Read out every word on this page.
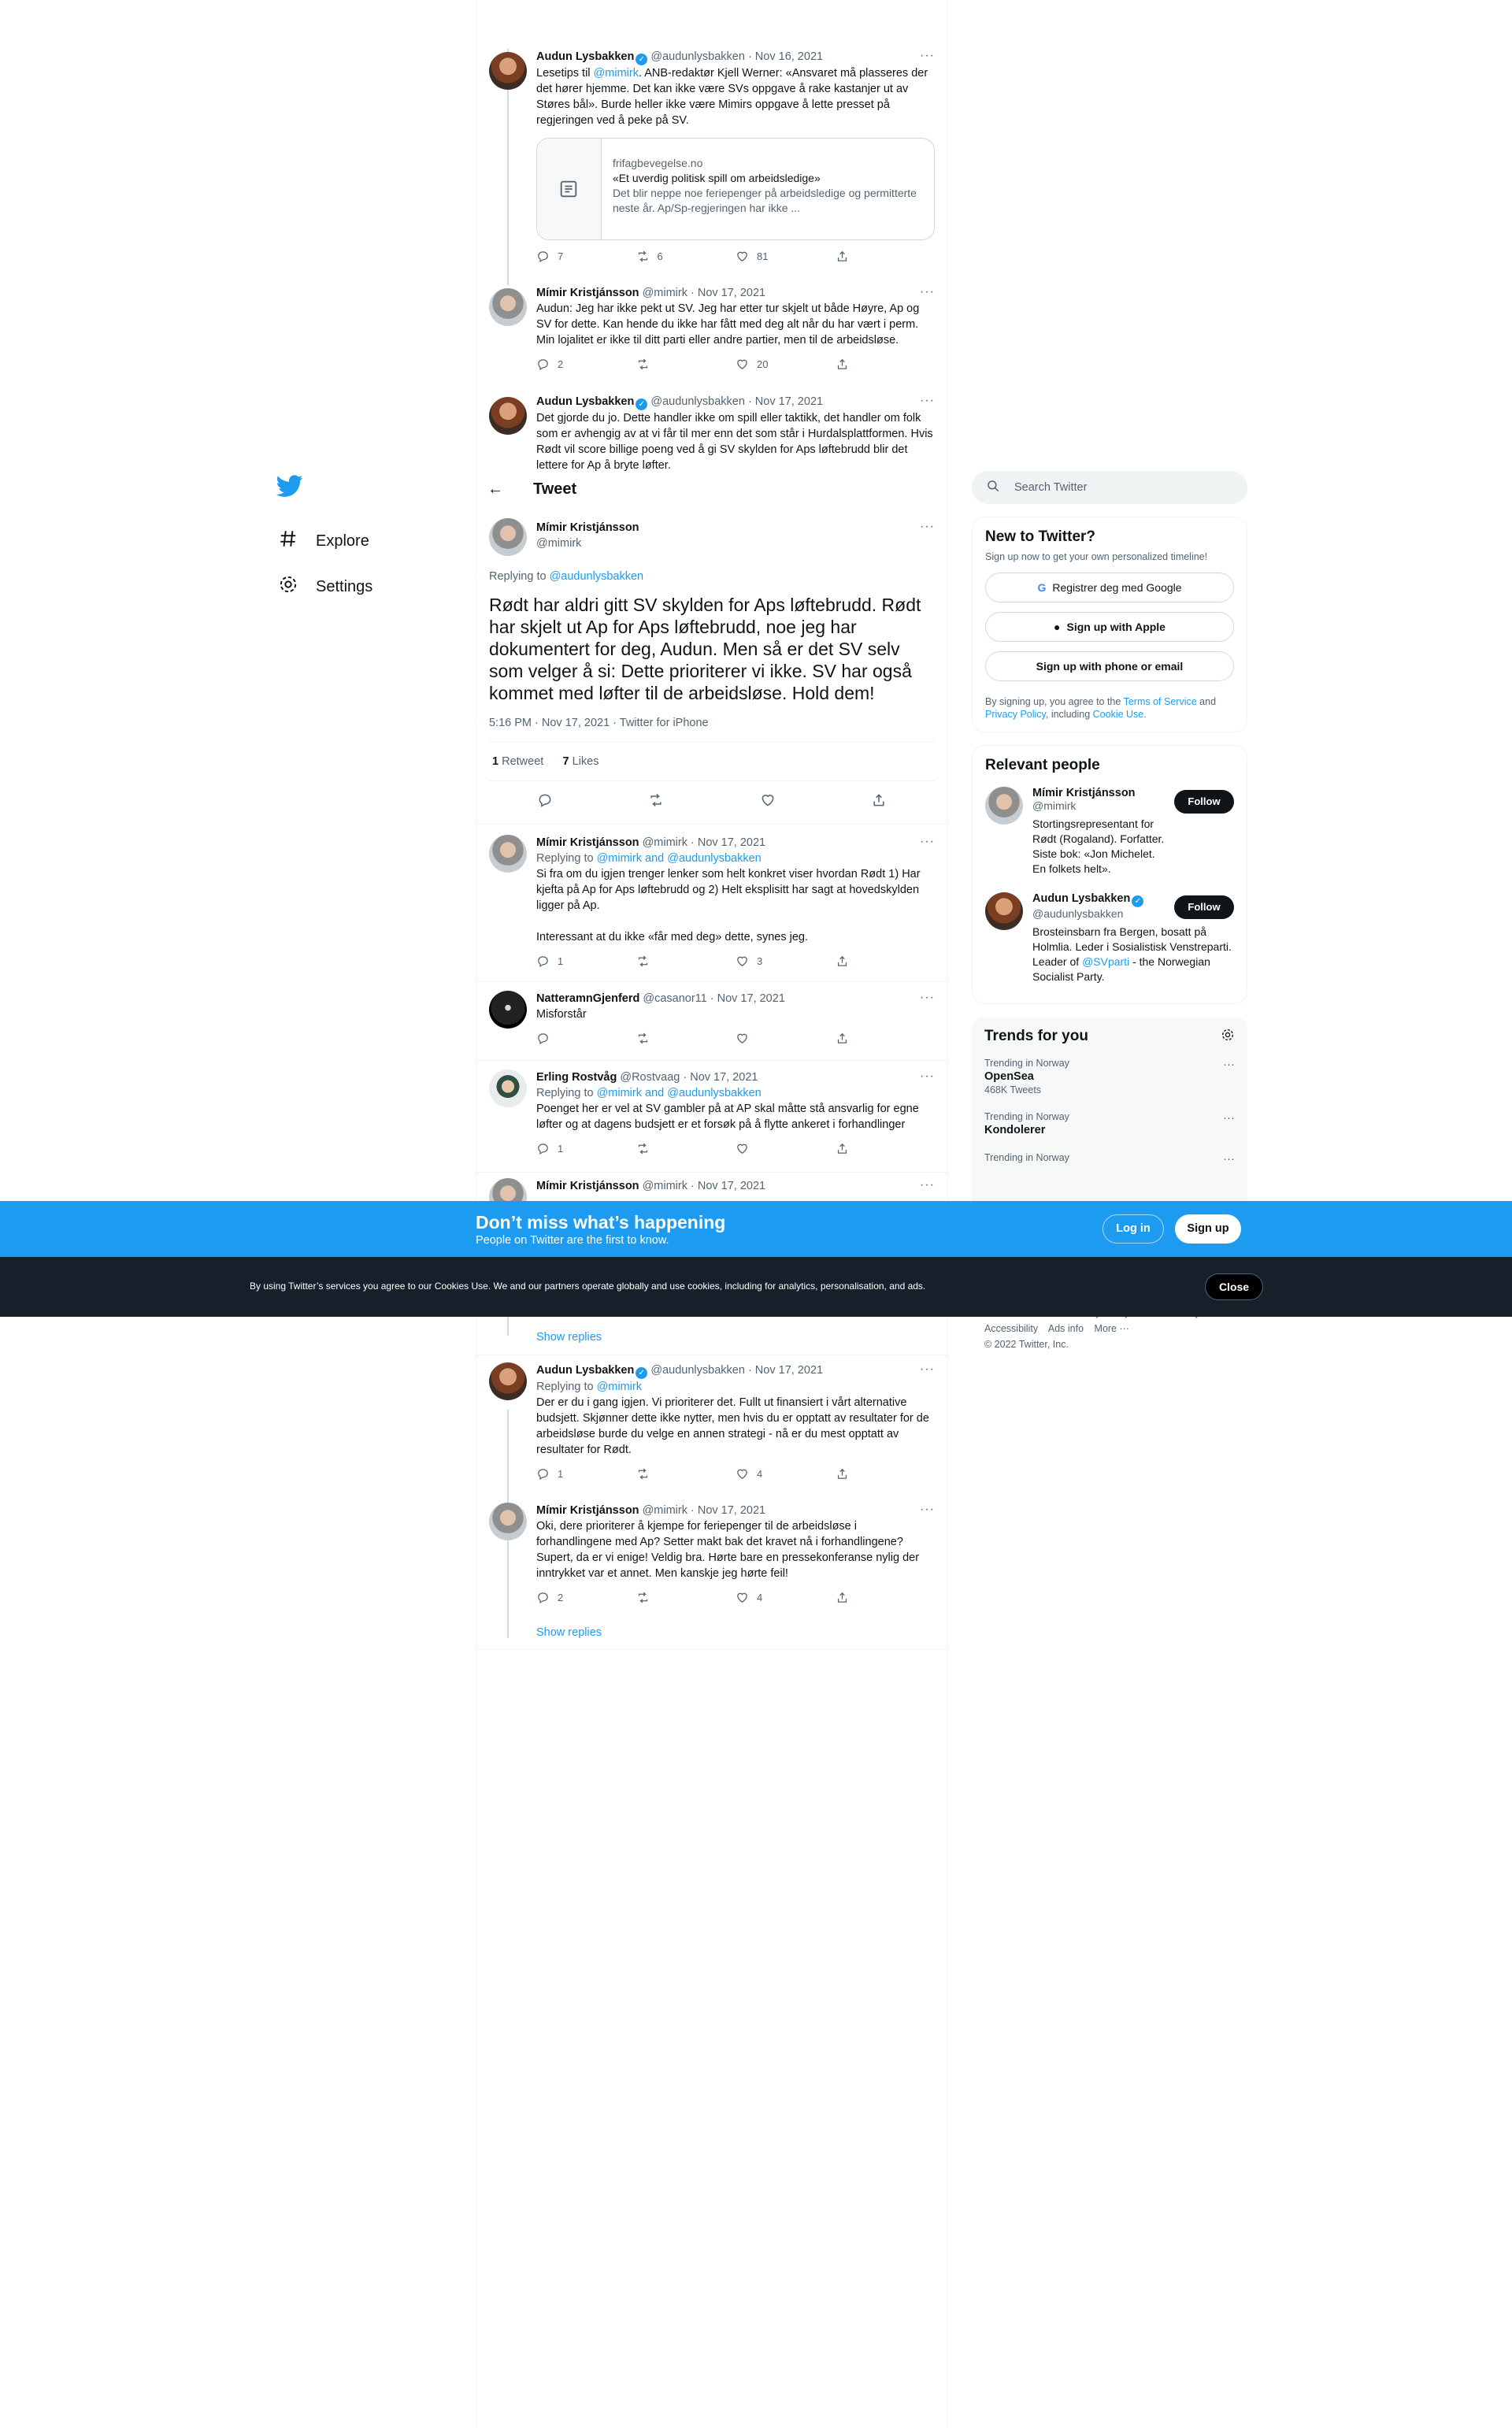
Explore
Settings
Audun Lysbakken ✓ @audunlysbakken · Nov 16, 2021	···
Lesetips til @mimirk. ANB-redaktør Kjell Werner: «Ansvaret må plasseres der det hører hjemme. Det kan ikke være SVs oppgave å rake kastanjer ut av Støres bål». Burde heller ikke være Mimirs oppgave å lette presset på regjeringen ved å peke på SV.
frifagbevegelse.no
«Et uverdig politisk spill om arbeidsledige»
Det blir neppe noe feriepenger på arbeidsledige og permitterte neste år. Ap/Sp-regjeringen har ikke ...
7	6	81
Mímir Kristjánsson @mimirk · Nov 17, 2021	···
Audun: Jeg har ikke pekt ut SV. Jeg har etter tur skjelt ut både Høyre, Ap og SV for dette. Kan hende du ikke har fått med deg alt når du har vært i perm. Min lojalitet er ikke til ditt parti eller andre partier, men til de arbeidsløse.
2	20
Audun Lysbakken ✓ @audunlysbakken · Nov 17, 2021	···
Det gjorde du jo. Dette handler ikke om spill eller taktikk, det handler om folk som er avhengig av at vi får til mer enn det som står i Hurdalsplattformen. Hvis Rødt vil score billige poeng ved å gi SV skylden for Aps løftebrudd blir det lettere for Ap å bryte løfter.
←	Tweet
Mímir Kristjánsson
@mimirk
···
Replying to @audunlysbakken
Rødt har aldri gitt SV skylden for Aps løftebrudd. Rødt har skjelt ut Ap for Aps løftebrudd, noe jeg har dokumentert for deg, Audun. Men så er det SV selv som velger å si: Dette prioriterer vi ikke. SV har også kommet med løfter til de arbeidsløse. Hold dem!
5:16 PM · Nov 17, 2021 · Twitter for iPhone
1 Retweet 7 Likes
Mímir Kristjánsson @mimirk · Nov 17, 2021	···
Replying to @mimirk and @audunlysbakken
Si fra om du igjen trenger lenker som helt konkret viser hvordan Rødt 1) Har kjefta på Ap for Aps løftebrudd og 2) Helt eksplisitt har sagt at hovedskylden ligger på Ap.

Interessant at du ikke «får med deg» dette, synes jeg.
1	3
NatteramnGjenferd @casanor11 · Nov 17, 2021	···
Misforstår
Erling Rostvåg @Rostvaag · Nov 17, 2021	···
Replying to @mimirk and @audunlysbakken
Poenget her er vel at SV gambler på at AP skal måtte stå ansvarlig for egne løfter og at dagens budsjett er et forsøk på å flytte ankeret i forhandlinger
1
Mímir Kristjánsson @mimirk · Nov 17, 2021	···
Show replies
Audun Lysbakken ✓ @audunlysbakken · Nov 17, 2021	···
Replying to @mimirk
Der er du i gang igjen. Vi prioriterer det. Fullt ut finansiert i vårt alternative budsjett. Skjønner dette ikke nytter, men hvis du er opptatt av resultater for de arbeidsløse burde du velge en annen strategi - nå er du mest opptatt av resultater for Rødt.
1	4
Mímir Kristjánsson @mimirk · Nov 17, 2021	···
Oki, dere prioriterer å kjempe for feriepenger til de arbeidsløse i forhandlingene med Ap? Setter makt bak det kravet nå i forhandlingene? Supert, da er vi enige! Veldig bra. Hørte bare en pressekonferanse nylig der inntrykket var et annet. Men kanskje jeg hørte feil!
2	4
Show replies
Search Twitter
New to Twitter?
Sign up now to get your own personalized timeline!
G Registrer deg med Google
● Sign up with Apple
Sign up with phone or email
By signing up, you agree to the Terms of Service and Privacy Policy, including Cookie Use.
Relevant people
Mímir Kristjánsson
@mimirk
Stortingsrepresentant for Rødt (Rogaland). Forfatter. Siste bok: «Jon Michelet. En folkets helt».
Follow
Audun Lysbakken ✓
@audunlysbakken
Brosteinsbarn fra Bergen, bosatt på Holmlia. Leder i Sosialistisk Venstreparti. Leader of @SVparti - the Norwegian Socialist Party.
Follow
Trends for you
Trending in Norway
OpenSea
468K Tweets
···
Trending in Norway
Kondolerer
···
Trending in Norway	···

Accessibility Ads info More ···
© 2022 Twitter, Inc.
Don’t miss what’s happening
People on Twitter are the first to know.
Log in	Sign up
By using Twitter’s services you agree to our Cookies Use. We and our partners operate globally and use cookies, including for analytics, personalisation, and ads.	Close
